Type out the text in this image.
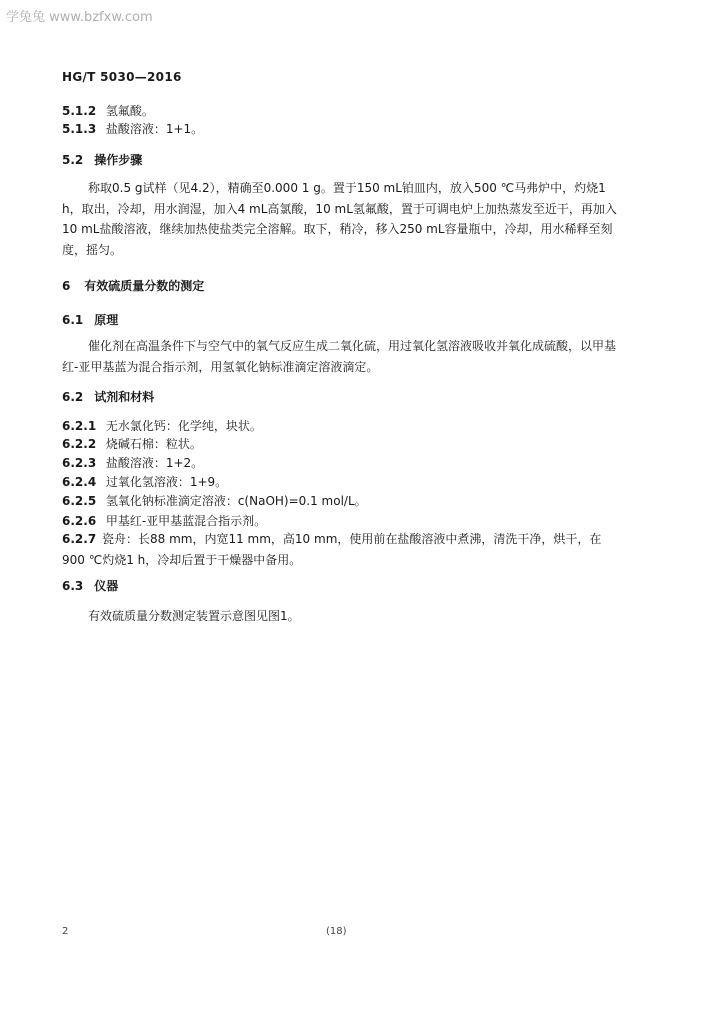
学兔兔 www.bzfxw.com
HG/T 5030—2016
5.1.2 氢氟酸。
5.1.3 盐酸溶液：1+1。
5.2 操作步骤
称取0.5 g试样（见4.2），精确至0.000 1 g。置于150 mL铂皿内，放入500 ℃马弗炉中，灼烧1 h，取出，冷却，用水润湿，加入4 mL高氯酸，10 mL氢氟酸，置于可调电炉上加热蒸发至近干，再加入10 mL盐酸溶液，继续加热使盐类完全溶解。取下，稍冷，移入250 mL容量瓶中，冷却，用水稀释至刻度，摇匀。
6 有效硫质量分数的测定
6.1 原理
催化剂在高温条件下与空气中的氧气反应生成二氧化硫，用过氧化氢溶液吸收并氧化成硫酸，以甲基红-亚甲基蓝为混合指示剂，用氢氧化钠标准滴定溶液滴定。
6.2 试剂和材料
6.2.1 无水氯化钙：化学纯，块状。
6.2.2 烧碱石棉：粒状。
6.2.3 盐酸溶液：1+2。
6.2.4 过氧化氢溶液：1+9。
6.2.5 氢氧化钠标准滴定溶液：c(NaOH)=0.1 mol/L。
6.2.6 甲基红-亚甲基蓝混合指示剂。
6.2.7 瓷舟：长88 mm，内宽11 mm，高10 mm，使用前在盐酸溶液中煮沸，清洗干净，烘干，在900 ℃灼烧1 h，冷却后置于干燥器中备用。
6.3 仪器
有效硫质量分数测定装置示意图见图1。
2	(18)
